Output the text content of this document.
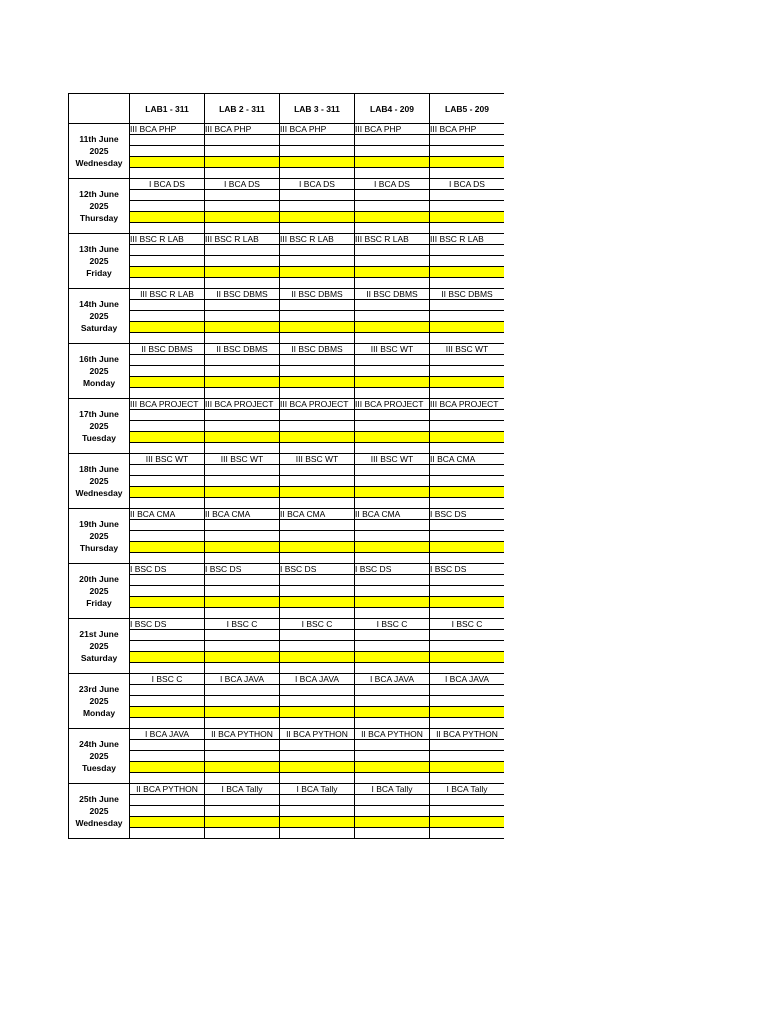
	LAB1 - 311	LAB 2 - 311	LAB 3 - 311	LAB4 - 209	LAB5 - 209

11th June
2025
Wednesday	III BCA PHP	III BCA PHP	III BCA PHP	III BCA PHP	III BCA PHP

12th June
2025
Thursday	I BCA DS	I BCA DS	I BCA DS	I BCA DS	I BCA DS

13th June
2025
Friday	III BSC R LAB	III BSC R LAB	III BSC R LAB	III BSC R LAB	III BSC R LAB

14th June
2025
Saturday	III BSC R LAB	II BSC DBMS	II BSC DBMS	II BSC DBMS	II BSC DBMS

16th June
2025
Monday	II BSC DBMS	II BSC DBMS	II BSC DBMS	III BSC WT	III BSC WT

17th June
2025
Tuesday	III BCA PROJECT	III BCA PROJECT	III BCA PROJECT	III BCA PROJECT	III BCA PROJECT

18th June
2025
Wednesday	III BSC WT	III BSC WT	III BSC WT	III BSC WT	II BCA CMA

19th June
2025
Thursday	II BCA CMA	II BCA CMA	II BCA CMA	II BCA CMA	I BSC DS

20th June
2025
Friday	I BSC DS	I BSC DS	I BSC DS	I BSC DS	I BSC DS

21st June
2025
Saturday	I BSC DS	I BSC C	I BSC C	I BSC C	I BSC C

23rd June
2025
Monday	I BSC C	I BCA JAVA	I BCA JAVA	I BCA JAVA	I BCA JAVA

24th June
2025
Tuesday	I BCA JAVA	II BCA PYTHON	II BCA PYTHON	II BCA PYTHON	II BCA PYTHON

25th June
2025
Wednesday	II BCA PYTHON	I BCA Tally	I BCA Tally	I BCA Tally	I BCA Tally
